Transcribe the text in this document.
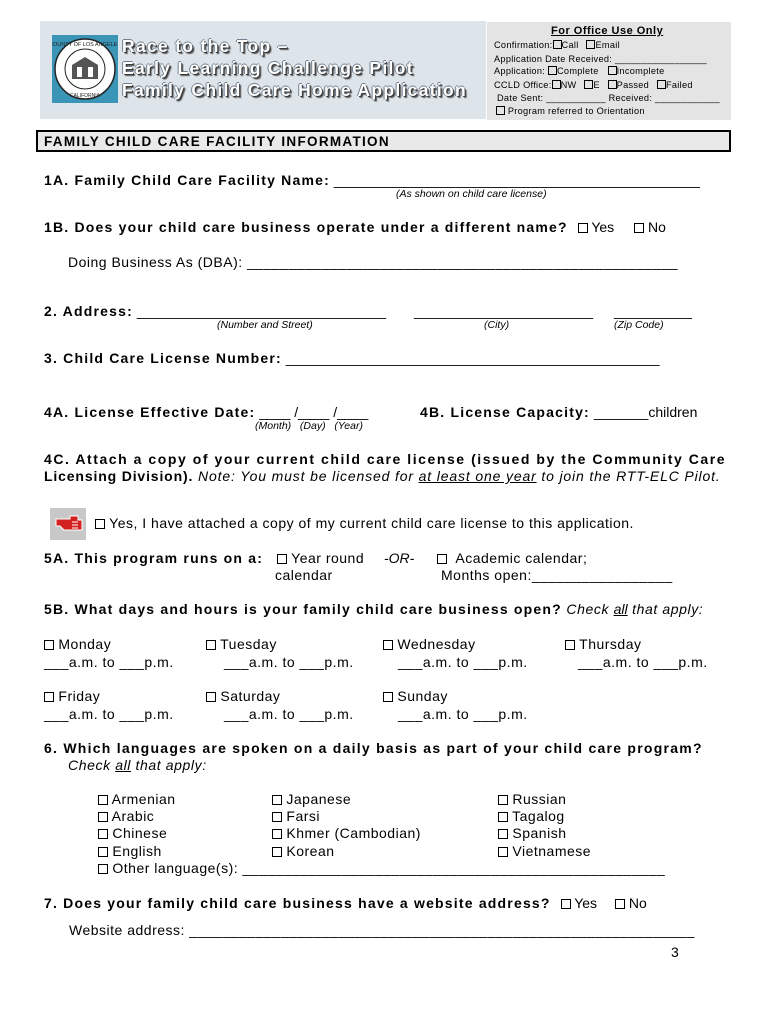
COUNTY OF LOS ANGELES
CALIFORNIA
Race to the Top –
Early Learning Challenge Pilot
Family Child Care Home Application
For Office Use Only
Confirmation: Call Email
Application Date Received: _________________
Application: Complete Incomplete
CCLD Office: NW E Passed Failed
Date Sent: ___________ Received: ____________
Program referred to Orientation
FAMILY CHILD CARE FACILITY INFORMATION
1A. Family Child Care Facility Name: _______________________________________________
(As shown on child care license)
1B. Does your child care business operate under a different name? Yes No
Doing Business As (DBA): ____________________________________________________
2. Address: ________________________________ _______________________ __________
(Number and Street)	(City)	(Zip Code)
3. Child Care License Number: ________________________________________________
4A. License Effective Date: ____ /____ /____
(Month)   (Day)   (Year)
4B. License Capacity: _______children
4C. Attach a copy of your current child care license (issued by the Community Care
Licensing Division). Note: You must be licensed for at least one year to join the RTT-ELC Pilot.
Yes, I have attached a copy of my current child care license to this application.
5A. This program runs on a:	Year round
calendar
-OR-	Academic calendar;
Months open:_________________
5B. What days and hours is your family child care business open? Check all that apply:
Monday
___a.m. to ___p.m.
Tuesday
___a.m. to ___p.m.
Wednesday
___a.m. to ___p.m.
Thursday
___a.m. to ___p.m.
Friday
___a.m. to ___p.m.
Saturday
___a.m. to ___p.m.
Sunday
___a.m. to ___p.m.
6. Which languages are spoken on a daily basis as part of your child care program?
Check all that apply:
Armenian
Arabic
Chinese
English
Other language(s): ___________________________________________________
Japanese
Farsi
Khmer (Cambodian)
Korean
Russian
Tagalog
Spanish
Vietnamese
7. Does your family child care business have a website address? Yes No
Website address: _____________________________________________________________
3
